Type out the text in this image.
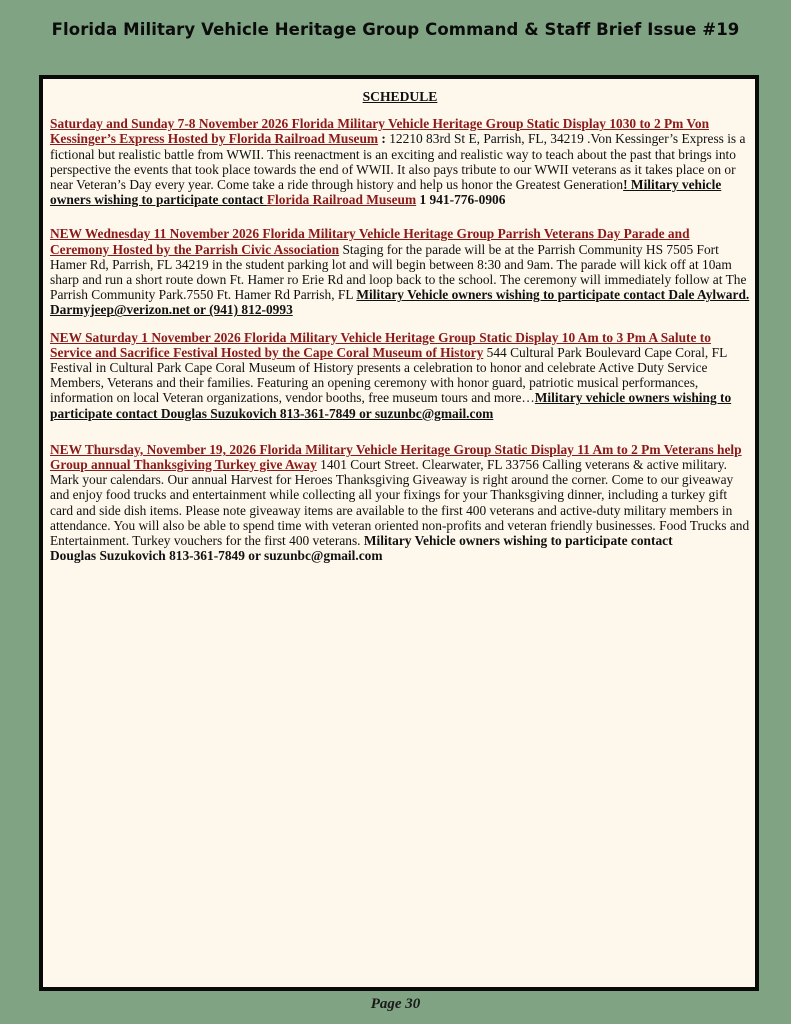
Florida Military Vehicle Heritage Group Command & Staff Brief Issue #19
SCHEDULE

Saturday and Sunday 7-8 November 2026 Florida Military Vehicle Heritage Group Static Display 1030 to 2 Pm Von Kessinger’s Express Hosted by Florida Railroad Museum : 12210 83rd St E, Parrish, FL, 34219 .Von Kessinger’s Express is a fictional but realistic battle from WWII. This reenactment is an exciting and realistic way to teach about the past that brings into perspective the events that took place towards the end of WWII. It also pays tribute to our WWII veterans as it takes place on or near Veteran’s Day every year. Come take a ride through history and help us honor the Greatest Generation! Military vehicle owners wishing to participate contact Florida Railroad Museum 1 941-776-0906

NEW Wednesday 11 November 2026 Florida Military Vehicle Heritage Group Parrish Veterans Day Parade and Ceremony Hosted by the Parrish Civic Association Staging for the parade will be at the Parrish Community HS 7505 Fort Hamer Rd, Parrish, FL 34219 in the student parking lot and will begin between 8:30 and 9am. The parade will kick off at 10am sharp and run a short route down Ft. Hamer ro Erie Rd and loop back to the school. The ceremony will immediately follow at The Parrish Community Park.7550 Ft. Hamer Rd Parrish, FL Military Vehicle owners wishing to participate contact Dale Aylward. Darmyjeep@verizon.net or (941) 812-0993

NEW Saturday 1 November 2026 Florida Military Vehicle Heritage Group Static Display 10 Am to 3 Pm A Salute to Service and Sacrifice Festival Hosted by the Cape Coral Museum of History 544 Cultural Park Boulevard Cape Coral, FL Festival in Cultural Park Cape Coral Museum of History presents a celebration to honor and celebrate Active Duty Service Members, Veterans and their families. Featuring an opening ceremony with honor guard, patriotic musical performances, information on local Veteran organizations, vendor booths, free museum tours and more…Military vehicle owners wishing to participate contact Douglas Suzukovich 813-361-7849 or suzunbc@gmail.com

NEW Thursday, November 19, 2026 Florida Military Vehicle Heritage Group Static Display 11 Am to 2 Pm Veterans help Group annual Thanksgiving Turkey give Away 1401 Court Street. Clearwater, FL 33756 Calling veterans & active military. Mark your calendars. Our annual Harvest for Heroes Thanksgiving Giveaway is right around the corner. Come to our giveaway and enjoy food trucks and entertainment while collecting all your fixings for your Thanksgiving dinner, including a turkey gift card and side dish items. Please note giveaway items are available to the first 400 veterans and active-duty military members in attendance. You will also be able to spend time with veteran oriented non-profits and veteran friendly businesses. Food Trucks and Entertainment. Turkey vouchers for the first 400 veterans. Military Vehicle owners wishing to participate contact
Douglas Suzukovich 813-361-7849 or suzunbc@gmail.com

Page 30
